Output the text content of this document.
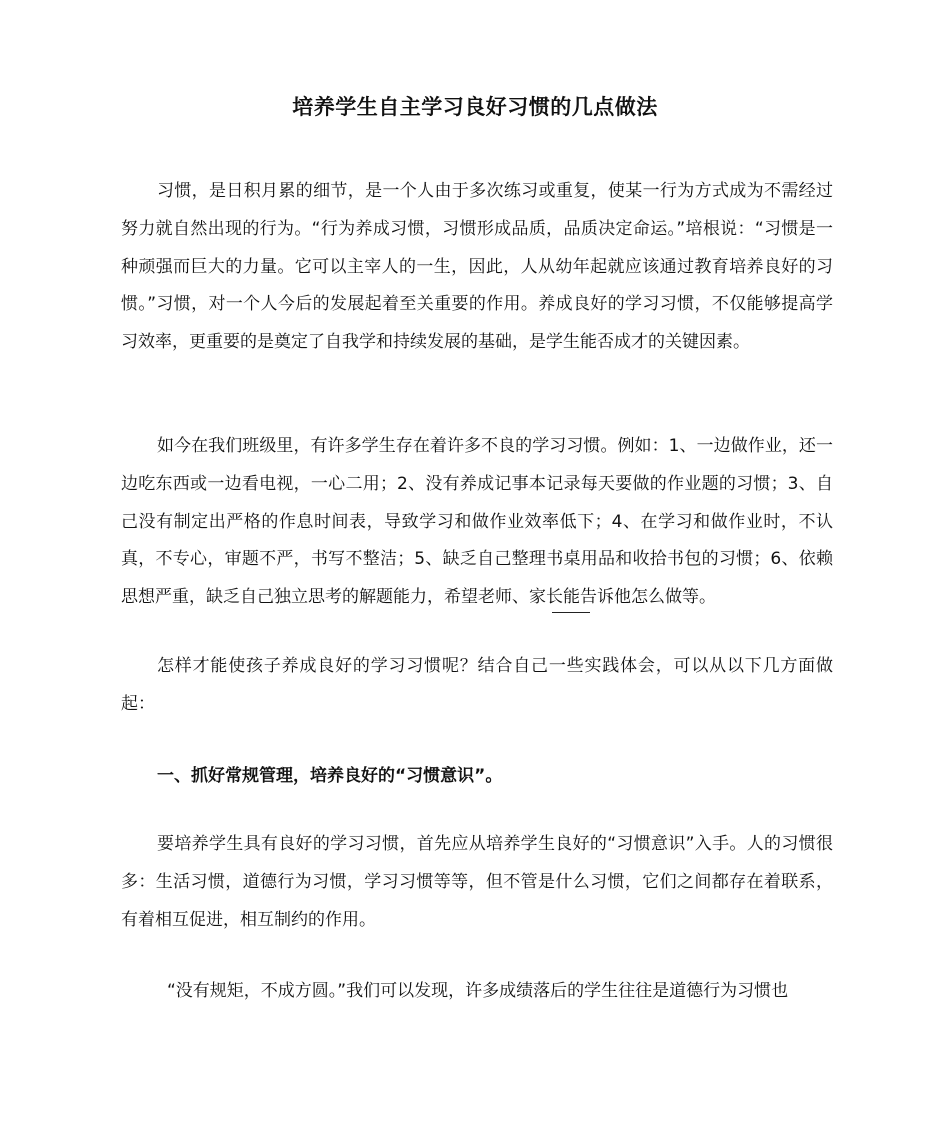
培养学生自主学习良好习惯的几点做法

习惯，是日积月累的细节，是一个人由于多次练习或重复，使某一行为方式成为不需经过努力就自然出现的行为。“行为养成习惯，习惯形成品质，品质决定命运。”培根说：“习惯是一种顽强而巨大的力量。它可以主宰人的一生，因此，人从幼年起就应该通过教育培养良好的习惯。”习惯，对一个人今后的发展起着至关重要的作用。养成良好的学习习惯，不仅能够提高学习效率，更重要的是奠定了自我学和持续发展的基础，是学生能否成才的关键因素。

如今在我们班级里，有许多学生存在着许多不良的学习习惯。例如：1、一边做作业，还一边吃东西或一边看电视，一心二用；2、没有养成记事本记录每天要做的作业题的习惯；3、自己没有制定出严格的作息时间表，导致学习和做作业效率低下；4、在学习和做作业时，不认真，不专心，审题不严，书写不整洁；5、缺乏自己整理书桌用品和收拾书包的习惯；6、依赖思想严重，缺乏自己独立思考的解题能力，希望老师、家长能告诉他怎么做等。

怎样才能使孩子养成良好的学习习惯呢？结合自己一些实践体会，可以从以下几方面做起：

一、抓好常规管理，培养良好的“习惯意识”。

要培养学生具有良好的学习习惯，首先应从培养学生良好的“习惯意识”入手。人的习惯很多：生活习惯，道德行为习惯，学习习惯等等，但不管是什么习惯，它们之间都存在着联系，有着相互促进，相互制约的作用。

“没有规矩，不成方圆。”我们可以发现，许多成绩落后的学生往往是道德行为习惯也
